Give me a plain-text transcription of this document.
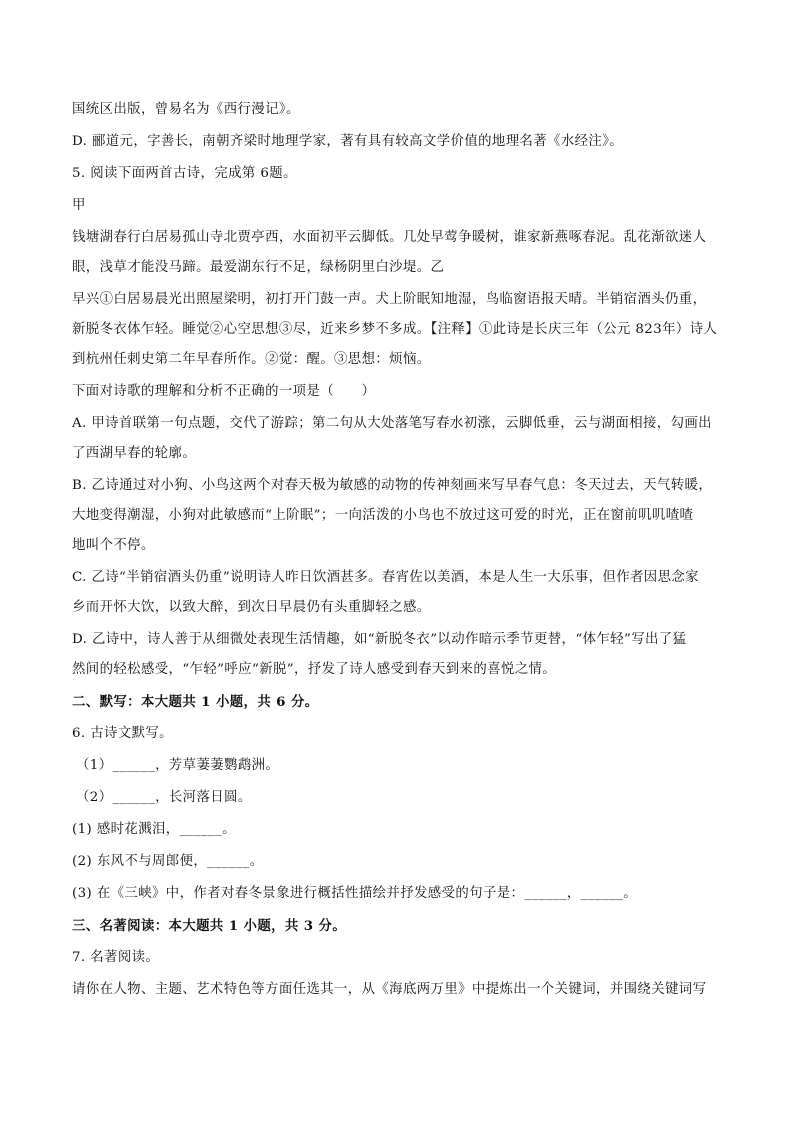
国统区出版，曾易名为《西行漫记》。
D. 郦道元，字善长，南朝齐梁时地理学家，著有具有较高文学价值的地理名著《水经注》。
5. 阅读下面两首古诗，完成第 6题。
甲
钱塘湖春行白居易孤山寺北贾亭西，水面初平云脚低。几处早莺争暖树，谁家新燕啄春泥。乱花渐欲迷人
眼，浅草才能没马蹄。最爱湖东行不足，绿杨阴里白沙堤。乙
早兴①白居易晨光出照屋梁明，初打开门鼓一声。犬上阶眠知地湿，鸟临窗语报天晴。半销宿酒头仍重，
新脱冬衣体乍轻。睡觉②心空思想③尽，近来乡梦不多成。【注释】①此诗是长庆三年（公元 823年）诗人
到杭州任刺史第二年早春所作。②觉：醒。③思想：烦恼。
下面对诗歌的理解和分析不正确的一项是（　　）
A. 甲诗首联第一句点题，交代了游踪；第二句从大处落笔写春水初涨，云脚低垂，云与湖面相接，勾画出
了西湖早春的轮廓。
B. 乙诗通过对小狗、小鸟这两个对春天极为敏感的动物的传神刻画来写早春气息：冬天过去，天气转暖，
大地变得潮湿，小狗对此敏感而“上阶眠”；一向活泼的小鸟也不放过这可爱的时光，正在窗前叽叽喳喳
地叫个不停。
C. 乙诗“半销宿酒头仍重”说明诗人昨日饮酒甚多。春宵佐以美酒，本是人生一大乐事，但作者因思念家
乡而开怀大饮，以致大醉，到次日早晨仍有头重脚轻之感。
D. 乙诗中，诗人善于从细微处表现生活情趣，如“新脱冬衣”以动作暗示季节更替，“体乍轻”写出了猛
然间的轻松感受，“乍轻”呼应“新脱”，抒发了诗人感受到春天到来的喜悦之情。
二、默写：本大题共 1 小题，共 6 分。
6. 古诗文默写。
（1）______，芳草萋萋鹦鹉洲。
（2）______，长河落日圆。
(1) 感时花溅泪，______。
(2) 东风不与周郎便，______。
(3) 在《三峡》中，作者对春冬景象进行概括性描绘并抒发感受的句子是：______，______。
三、名著阅读：本大题共 1 小题，共 3 分。
7. 名著阅读。
请你在人物、主题、艺术特色等方面任选其一，从《海底两万里》中提炼出一个关键词，并围绕关键词写
